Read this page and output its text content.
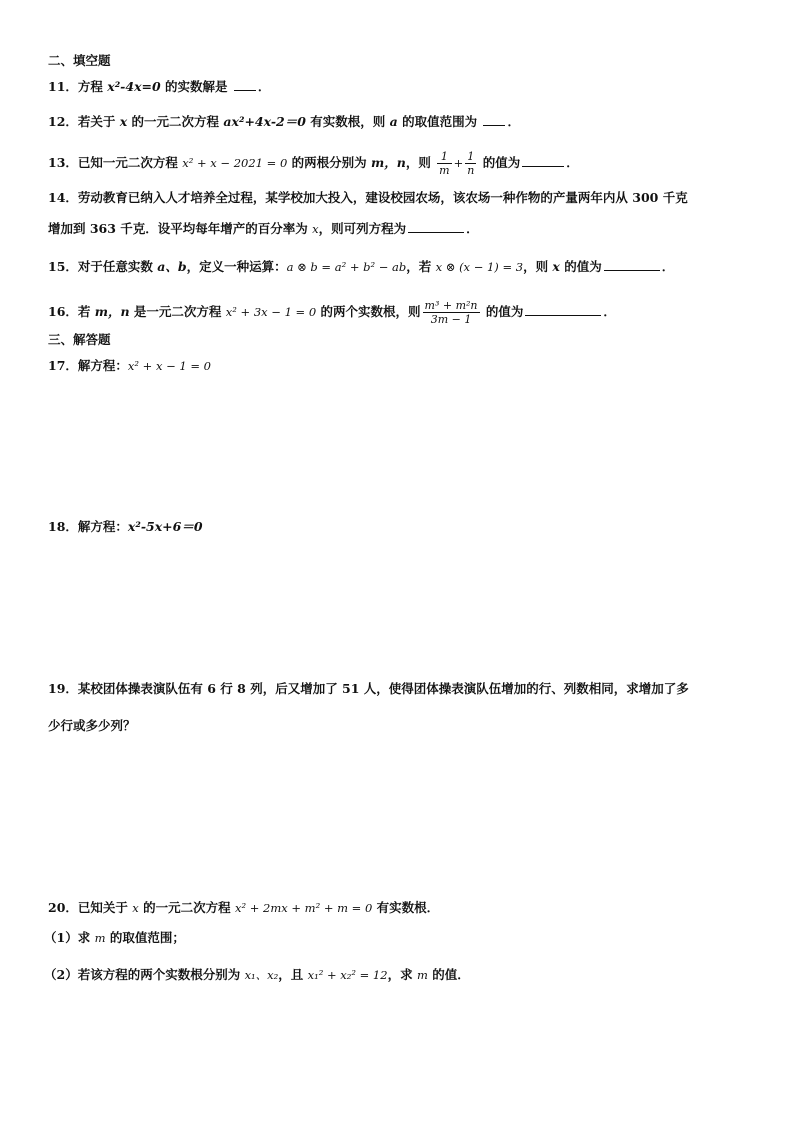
二、填空题
11．方程 x²-4x=0 的实数解是 ．
12．若关于 x 的一元二次方程 ax²+4x-2＝0 有实数根，则 a 的取值范围为 ．
13．已知一元二次方程 x² + x − 2021 = 0 的两根分别为 m，n，则 $\frac{1}{m} + \frac{1}{n}$ 的值为	．
14．劳动教育已纳入人才培养全过程，某学校加大投入，建设校园农场，该农场一种作物的产量两年内从 300 千克
增加到 363 千克．设平均每年增产的百分率为 x，则可列方程为	．
15．对于任意实数 a、b，定义一种运算：a ⊗ b = a² + b² − ab，若 x ⊗ (x − 1) = 3，则 x 的值为	．
16．若 m，n 是一元二次方程 x² + 3x − 1 = 0 的两个实数根，则 $\frac{\text{m³ + m²n}}{3m - 1}$ 的值为	．
三、解答题
17．解方程：x² + x − 1 = 0
18．解方程：x²-5x+6＝0
19．某校团体操表演队伍有 6 行 8 列，后又增加了 51 人，使得团体操表演队伍增加的行、列数相同，求增加了多
少行或多少列？
20．已知关于 x 的一元二次方程 x² + 2mx + m² + m = 0 有实数根．
（1）求 m 的取值范围；
（2）若该方程的两个实数根分别为 x₁、x₂，且 x₁² + x₂² = 12，求 m 的值．
